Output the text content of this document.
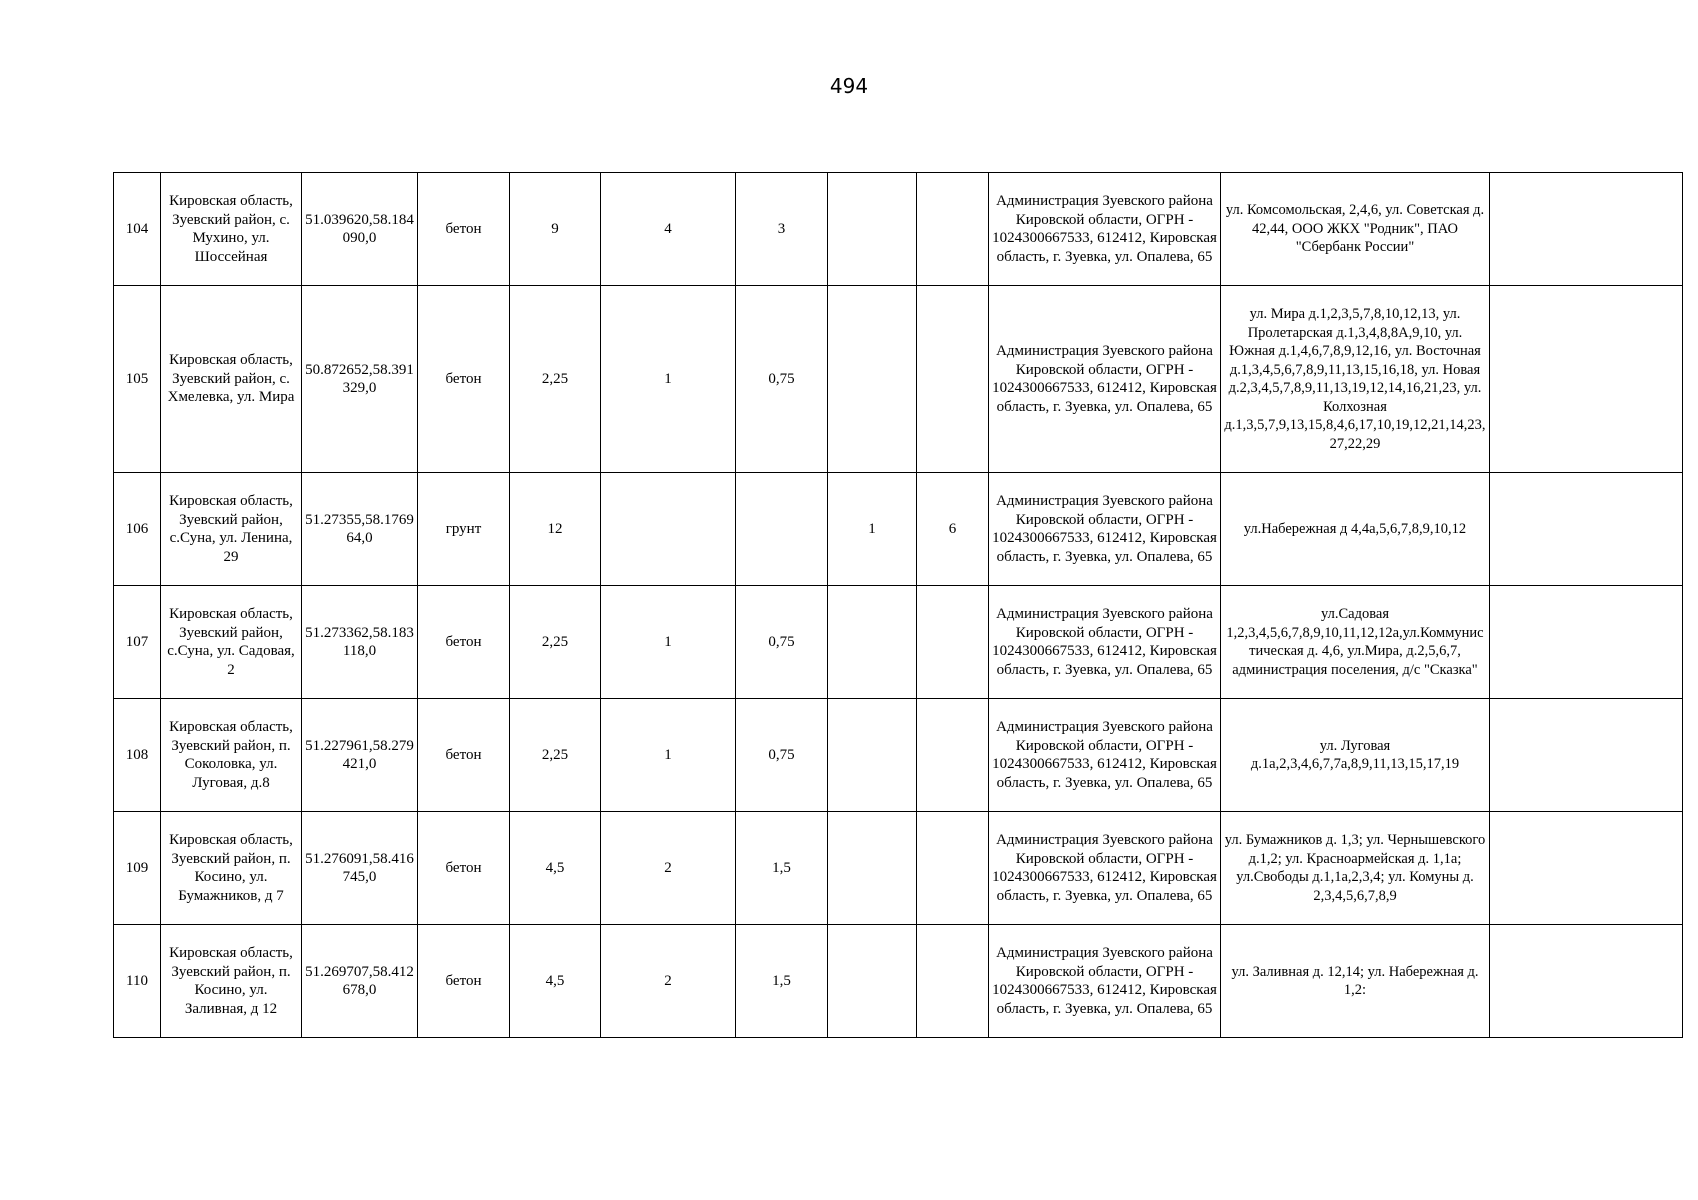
494
104	Кировская область, Зуевский район, с. Мухино, ул. Шоссейная	51.039620,58.184090,0	бетон	9	4	3			Администрация Зуевского района Кировской области, ОГРН - 1024300667533, 612412, Кировская область, г. Зуевка, ул. Опалева, 65	ул. Комсомольская, 2,4,6, ул. Советская д. 42,44, ООО ЖКХ "Родник", ПАО "Сбербанк России"	
105	Кировская область, Зуевский район, с. Хмелевка, ул. Мира	50.872652,58.391329,0	бетон	2,25	1	0,75			Администрация Зуевского района Кировской области, ОГРН - 1024300667533, 612412, Кировская область, г. Зуевка, ул. Опалева, 65	ул. Мира д.1,2,3,5,7,8,10,12,13, ул. Пролетарская д.1,3,4,8,8А,9,10, ул. Южная д.1,4,6,7,8,9,12,16, ул. Восточная д.1,3,4,5,6,7,8,9,11,13,15,16,18, ул. Новая д.2,3,4,5,7,8,9,11,13,19,12,14,16,21,23, ул. Колхозная д.1,3,5,7,9,13,15,8,4,6,17,10,19,12,21,14,23,27,22,29	
106	Кировская область, Зуевский район, с.Суна, ул. Ленина, 29	51.27355,58.176964,0	грунт	12			1	6	Администрация Зуевского района Кировской области, ОГРН - 1024300667533, 612412, Кировская область, г. Зуевка, ул. Опалева, 65	ул.Набережная д 4,4а,5,6,7,8,9,10,12	
107	Кировская область, Зуевский район, с.Суна, ул. Садовая, 2	51.273362,58.183118,0	бетон	2,25	1	0,75			Администрация Зуевского района Кировской области, ОГРН - 1024300667533, 612412, Кировская область, г. Зуевка, ул. Опалева, 65	ул.Садовая 1,2,3,4,5,6,7,8,9,10,11,12,12а,ул.Коммунистическая д. 4,6, ул.Мира, д.2,5,6,7, администрация поселения, д/с "Сказка"	
108	Кировская область, Зуевский район, п. Соколовка, ул. Луговая, д.8	51.227961,58.279421,0	бетон	2,25	1	0,75			Администрация Зуевского района Кировской области, ОГРН - 1024300667533, 612412, Кировская область, г. Зуевка, ул. Опалева, 65	ул. Луговая д.1а,2,3,4,6,7,7а,8,9,11,13,15,17,19	
109	Кировская область, Зуевский район, п. Косино, ул. Бумажников, д 7	51.276091,58.416745,0	бетон	4,5	2	1,5			Администрация Зуевского района Кировской области, ОГРН - 1024300667533, 612412, Кировская область, г. Зуевка, ул. Опалева, 65	ул. Бумажников д. 1,3; ул. Чернышевского д.1,2; ул. Красноармейская д. 1,1а; ул.Свободы д.1,1а,2,3,4; ул. Комуны д. 2,3,4,5,6,7,8,9	
110	Кировская область, Зуевский район, п. Косино, ул. Заливная, д 12	51.269707,58.412678,0	бетон	4,5	2	1,5			Администрация Зуевского района Кировской области, ОГРН - 1024300667533, 612412, Кировская область, г. Зуевка, ул. Опалева, 65	ул. Заливная д. 12,14; ул. Набережная д. 1,2:	
